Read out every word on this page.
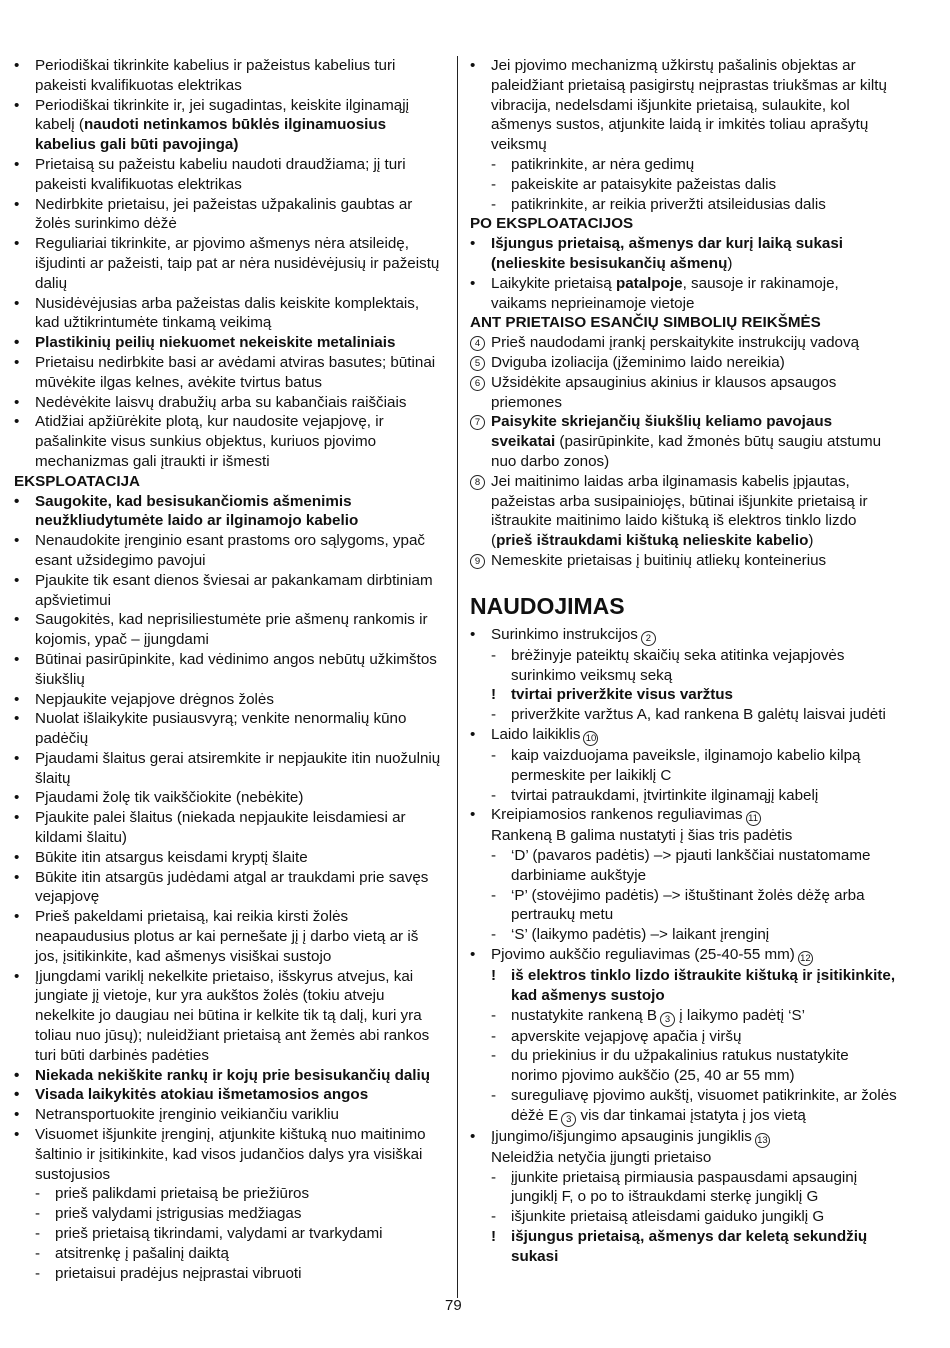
• Periodiškai tikrinkite kabelius ir pažeistus kabelius turi pakeisti kvalifikuotas elektrikas
• Periodiškai tikrinkite ir, jei sugadintas, keiskite ilginamąjį kabelį (naudoti netinkamos būklės ilginamuosius kabelius gali būti pavojinga)
• Prietaisą su pažeistu kabeliu naudoti draudžiama; jį turi pakeisti kvalifikuotas elektrikas
• Nedirbkite prietaisu, jei pažeistas užpakalinis gaubtas ar žolės surinkimo dėžė
• Reguliariai tikrinkite, ar pjovimo ašmenys nėra atsileidę, išjudinti ar pažeisti, taip pat ar nėra nusidėvėjusių ir pažeistų dalių
• Nusidėvėjusias arba pažeistas dalis keiskite komplektais, kad užtikrintumėte tinkamą veikimą
• Plastikinių peilių niekuomet nekeiskite metaliniais
• Prietaisu nedirbkite basi ar avėdami atviras basutes; būtinai mūvėkite ilgas kelnes, avėkite tvirtus batus
• Nedėvėkite laisvų drabužių arba su kabančiais raiščiais
• Atidžiai apžiūrėkite plotą, kur naudosite vejapjovę, ir pašalinkite visus sunkius objektus, kuriuos pjovimo mechanizmas gali įtraukti ir išmesti
EKSPLOATACIJA
• Saugokite, kad besisukančiomis ašmenimis neužkliudytumėte laido ar ilginamojo kabelio
• Nenaudokite įrenginio esant prastoms oro sąlygoms, ypač esant užsidegimo pavojui
• Pjaukite tik esant dienos šviesai ar pakankamam dirbtiniam apšvietimui
• Saugokitės, kad neprisiliestumėte prie ašmenų rankomis ir kojomis, ypač – įjungdami
• Būtinai pasirūpinkite, kad vėdinimo angos nebūtų užkimštos šiukšlių
• Nepjaukite vejapjove drėgnos žolės
• Nuolat išlaikykite pusiausvyrą; venkite nenormalių kūno padėčių
• Pjaudami šlaitus gerai atsiremkite ir nepjaukite itin nuožulnių šlaitų
• Pjaudami žolę tik vaikščiokite (nebėkite)
• Pjaukite palei šlaitus (niekada nepjaukite leisdamiesi ar kildami šlaitu)
• Būkite itin atsargus keisdami kryptį šlaite
• Būkite itin atsargūs judėdami atgal ar traukdami prie savęs vejapjovę
• Prieš pakeldami prietaisą, kai reikia kirsti žolės neapaudusius plotus ar kai pernešate jį į darbo vietą ar iš jos, įsitikinkite, kad ašmenys visiškai sustojo
• Įjungdami variklį nekelkite prietaiso, išskyrus atvejus, kai jungiate jį vietoje, kur yra aukštos žolės (tokiu atveju nekelkite jo daugiau nei būtina ir kelkite tik tą dalį, kuri yra toliau nuo jūsų); nuleidžiant prietaisą ant žemės abi rankos turi būti darbinės padėties
• Niekada nekiškite rankų ir kojų prie besisukančių dalių
• Visada laikykitės atokiau išmetamosios angos
• Netransportuokite įrenginio veikiančiu varikliu
• Visuomet išjunkite įrenginį, atjunkite kištuką nuo maitinimo šaltinio ir įsitikinkite, kad visos judančios dalys yra visiškai sustojusios
- prieš palikdami prietaisą be priežiūros
- prieš valydami įstrigusias medžiagas
- prieš prietaisą tikrindami, valydami ar tvarkydami
- atsitrenkę į pašalinį daiktą
- prietaisui pradėjus neįprastai vibruoti
• Jei pjovimo mechanizmą užkirstų pašalinis objektas ar paleidžiant prietaisą pasigirstų neįprastas triukšmas ar kiltų vibracija, nedelsdami išjunkite prietaisą, sulaukite, kol ašmenys sustos, atjunkite laidą ir imkitės toliau aprašytų veiksmų
- patikrinkite, ar nėra gedimų
- pakeiskite ar pataisykite pažeistas dalis
- patikrinkite, ar reikia priveržti atsileidusias dalis
PO EKSPLOATACIJOS
• Išjungus prietaisą, ašmenys dar kurį laiką sukasi (nelieskite besisukančių ašmenų)
• Laikykite prietaisą patalpoje, sausoje ir rakinamoje, vaikams neprieinamoje vietoje
ANT PRIETAISO ESANČIŲ SIMBOLIŲ REIKŠMĖS
4 Prieš naudodami įrankį perskaitykite instrukcijų vadovą
5 Dviguba izoliacija (įžeminimo laido nereikia)
6 Užsidėkite apsauginius akinius ir klausos apsaugos priemones
7 Paisykite skriejančių šiukšlių keliamo pavojaus sveikatai (pasirūpinkite, kad žmonės būtų saugiu atstumu nuo darbo zonos)
8 Jei maitinimo laidas arba ilginamasis kabelis įpjautas, pažeistas arba susipainiojęs, būtinai išjunkite prietaisą ir ištraukite maitinimo laido kištuką iš elektros tinklo lizdo (prieš ištraukdami kištuką nelieskite kabelio)
9 Nemeskite prietaisas į buitinių atliekų konteinerius
NAUDOJIMAS
• Surinkimo instrukcijos 2
- brėžinyje pateiktų skaičių seka atitinka vejapjovės surinkimo veiksmų seką
! tvirtai priveržkite visus varžtus
- priveržkite varžtus A, kad rankena B galėtų laisvai judėti
• Laido laikiklis 10
- kaip vaizduojama paveiksle, ilginamojo kabelio kilpą permeskite per laikiklį C
- tvirtai patraukdami, įtvirtinkite ilginamąjį kabelį
• Kreipiamosios rankenos reguliavimas 11
Rankeną B galima nustatyti į šias tris padėtis
- ‘D’ (pavaros padėtis) –> pjauti lankščiai nustatomame darbiniame aukštyje
- ‘P’ (stovėjimo padėtis) –> ištuštinant žolės dėžę arba pertraukų metu
- ‘S’ (laikymo padėtis) –> laikant įrenginį
• Pjovimo aukščio reguliavimas (25-40-55 mm) 12
! iš elektros tinklo lizdo ištraukite kištuką ir įsitikinkite, kad ašmenys sustojo
- nustatykite rankeną B 3 į laikymo padėtį ‘S’
- apverskite vejapjovę apačia į viršų
- du priekinius ir du užpakalinius ratukus nustatykite norimo pjovimo aukščio (25, 40 ar 55 mm)
- sureguliavę pjovimo aukštį, visuomet patikrinkite, ar žolės dėžė E 3 vis dar tinkamai įstatyta į jos vietą
• Įjungimo/išjungimo apsauginis jungiklis 13
Neleidžia netyčia įjungti prietaiso
- įjunkite prietaisą pirmiausia paspausdami apsauginį jungiklį F, o po to ištraukdami sterkę jungiklį G
- išjunkite prietaisą atleisdami gaiduko jungiklį G
! išjungus prietaisą, ašmenys dar keletą sekundžių sukasi
79
